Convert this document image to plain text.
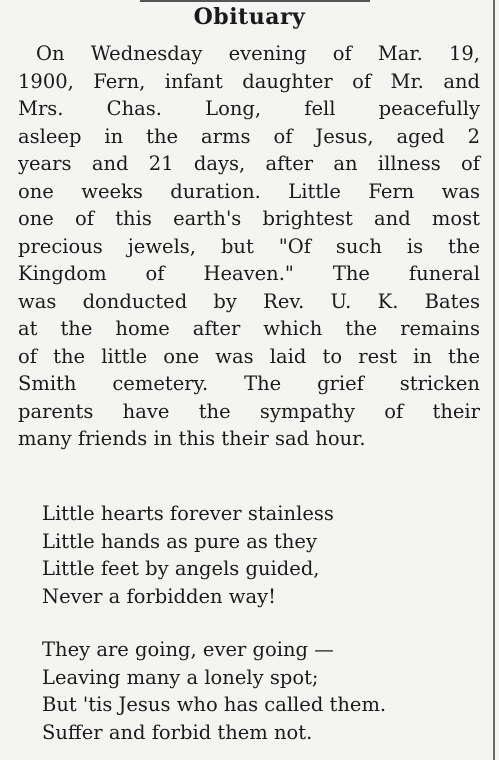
Obituary
On Wednesday evening of Mar. 19,
1900, Fern, infant daughter of Mr. and
Mrs. Chas. Long, fell peacefully
asleep in the arms of Jesus, aged 2
years and 21 days, after an illness of
one weeks duration. Little Fern was
one of this earth's brightest and most
precious jewels, but "Of such is the
Kingdom of Heaven." The funeral
was donducted by Rev. U. K. Bates
at the home after which the remains
of the little one was laid to rest in the
Smith cemetery. The grief stricken
parents have the sympathy of their
many friends in this their sad hour.
Little hearts forever stainless
Little hands as pure as they
Little feet by angels guided,
Never a forbidden way!
They are going, ever going —
Leaving many a lonely spot;
But 'tis Jesus who has called them.
Suffer and forbid them not.
